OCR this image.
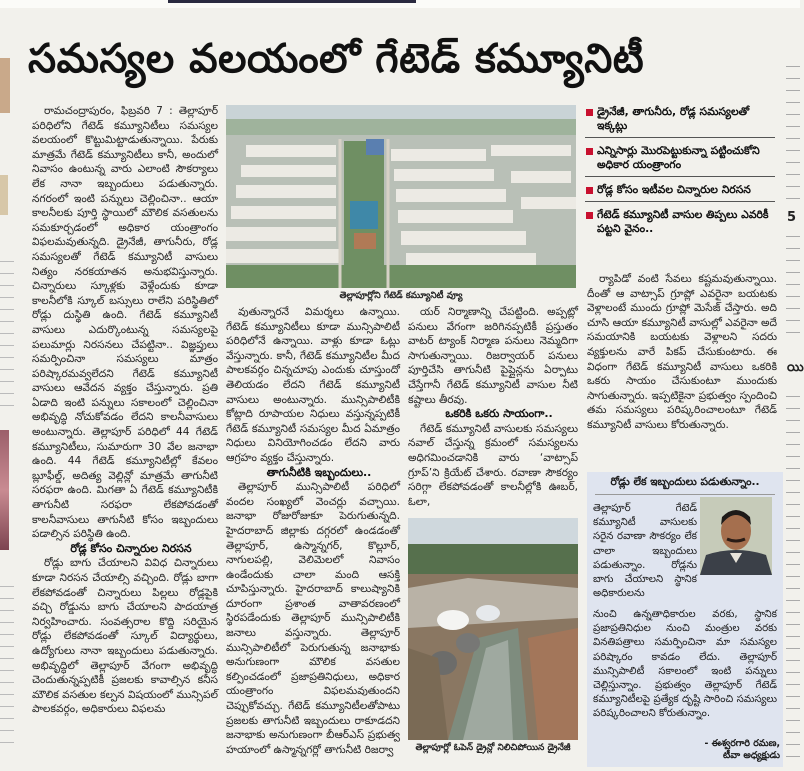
5
యి
సమస్యల వలయంలో గేటెడ్ కమ్యూనిటీ

రామచంద్రాపురం, ఫిబ్రవరి 7 : తెల్లాపూర్ పరిధిలోని గేటెడ్ కమ్యూనిటీలు సమస్యల వలయంలో కొట్టుమిట్టాడుతున్నాయి. పేరుకు మాత్రమే గేటెడ్ కమ్యూనిటీలు కానీ, అందులో నివాసం ఉంటున్న వారు ఎలాంటి సౌకర్యాలు లేక నానా ఇబ్బందులు పడుతున్నారు. నగరంలో ఇంటి పన్నులు చెల్లించినా.. ఆయా కాలనీలకు పూర్తి స్థాయిలో మౌలిక వసతులను సమకూర్చడంలో అధికార యంత్రాంగం విఫలమవుతున్నది. డ్రైనేజీ, తాగునీరు, రోడ్ల సమస్యలతో గేటెడ్ కమ్యూనిటీ వాసులు నిత్యం నరకయాతన అనుభవిస్తున్నారు. చిన్నారులు స్కూళ్లకు వెళ్లేందుకు కూడా కాలనీలోకి స్కూల్ బస్సులు రాలేని పరిస్థితిలో రోడ్లు దుస్థితి ఉంది. గేటెడ్ కమ్యూనిటీ వాసులు ఎదుర్కొంటున్న సమస్యలపై పలుమార్లు నిరసనలు చేపట్టినా.. విజ్ఞప్తులు సమర్పించినా సమస్యలు మాత్రం పరిష్కారమవ్వలేదని గేటెడ్ కమ్యూనిటీ వాసులు ఆవేదన వ్యక్తం చేస్తున్నారు. ప్రతి ఏడాది ఇంటి పన్నులు సకాలంలో చెల్లించినా అభివృద్ధి నోచుకోవడం లేదని కాలనీవాసులు అంటున్నారు. తెల్లాపూర్ పరిధిలో 44 గేటెడ్ కమ్యూనిటీలు, సుమారుగా 30 వేల జనాభా ఉంది. 44 గేటెడ్ కమ్యూనిటీల్లో కేవలం బ్లూఫీల్డ్, అదిత్య వెల్లిన్లో మాత్రమే తాగునీటి సరఫరా ఉంది. మిగతా ఏ గేటెడ్ కమ్యూనిటీకి తాగునీటి సరఫరా లేకపోవడంతో కాలనీవాసులు తాగునీటి కోసం ఇబ్బందులు పడాల్సిన పరిస్థితి ఉంది.

రోడ్ల కోసం చిన్నారుల నిరసన

రోడ్లు బాగు చేయాలని వివిధ చిన్నారులు కూడా నిరసన చేయాల్సి వచ్చింది. రోడ్లు బాగా లేకపోవడంతో చిన్నారులు పిల్లలు రోడ్లపైకి వచ్చి రోడ్డును బాగు చేయాలని పాదయాత్ర నిర్వహించారు. సంవత్సరాల కొద్ది సరియైన రోడ్లు లేకపోవడంతో స్కూల్ విద్యార్థులు, ఉద్యోగులు నానా ఇబ్బందులు పడుతున్నారు. అభివృద్ధిలో తెల్లాపూర్ వేగంగా అభివృద్ధి చెందుతున్నప్పటికీ ప్రజలకు కావాల్సిన కనీస మౌలిక వసతుల కల్పన విషయంలో మున్సిపల్ పాలకవర్గం, అధికారులు విఫలమ

తెల్లాపూర్లోని గేటెడ్ కమ్యూనిటీ వ్యూ

వుతున్నారనే విమర్శలు ఉన్నాయి. గేటెడ్ కమ్యూనిటీలు కూడా మున్సిపాలిటీ పరిధిలోనే ఉన్నాయి. వాళ్లు కూడా ఓట్లు వేస్తున్నారు. కానీ, గేటెడ్ కమ్యూనిటీల మీద పాలకవర్గం చిన్నచూపు ఎందుకు చూస్తుందో తెలియడం లేదని గేటెడ్ కమ్యూనిటీ వాసులు అంటున్నారు. మున్సిపాలిటీకి కోట్లాది రూపాయల నిధులు వస్తున్నప్పటికీ గేటెడ్ కమ్యూనిటీ సమస్యల మీద ఏమాత్రం నిధులు వినియోగించడం లేదని వారు ఆగ్రహం వ్యక్తం చేస్తున్నారు.

తాగునీటికి ఇబ్బందులు..

తెల్లాపూర్ మున్సిపాలిటీ పరిధిలో వందల సంఖ్యలో వెంచర్లు వచ్చాయి. జనాభా రోజురోజుకూ పెరుగుతున్నది. హైదరాబాద్ జిల్లాకు దగ్గరలో ఉండడంతో తెల్లాపూర్, ఉస్మాన్నగర్, కొల్లూర్, నాగులపల్లి, వెలిమెలలో నివాసం ఉండేందుకు చాలా మంది ఆసక్తి చూపిస్తున్నారు. హైదరాబాద్ కాలుష్యానికి దూరంగా ప్రశాంత వాతావరణంలో స్థిరపడేందుకు తెల్లాపూర్ మున్సిపాలిటీకి జనాలు వస్తున్నారు. తెల్లాపూర్ మున్సిపాలిటీలో పెరుగుతున్న జనాభాకు అనుగుణంగా మౌలిక వసతుల కల్పించడంలో ప్రజాప్రతినిధులు, అధికార యంత్రాంగం విఫలమవుతుందని చెప్పుకోవచ్చు. గేటెడ్ కమ్యూనిటీలతోపాటు ప్రజలకు తాగునీటి ఇబ్బందులు రాకూడదని జనాభాకు అనుగుణంగా బీఆర్ఎస్ ప్రభుత్వ హయాంలో ఉస్మాన్నగర్లో తాగునీటి రిజర్వా

యర్ నిర్మాణాన్ని చేపట్టింది. అప్పట్లో పనులు వేగంగా జరిగినప్పటికీ ప్రస్తుతం వాటర్ ట్యాంక్ నిర్మాణ పనులు నెమ్మదిగా సాగుతున్నాయి. రిజర్వాయర్ పనులు పూర్తిచేసి తాగునీటి పైప్లైన్లను ఏర్పాటు చేస్తేగానీ గేటెడ్ కమ్యూనిటీ వాసుల నీటి కష్టాలు తీరవు.

ఒకరికి ఒకరు సాయంగా..

గేటెడ్ కమ్యూనిటీ వాసులకు సమస్యలు నవాల్ చేస్తున్న క్రమంలో సమస్యలను అధిగమించడానికి వారు ‘వాట్సాప్ గ్రూప్’ని క్రియేట్ చేశారు. రవాణా సౌకర్యం సరిగ్గా లేకపోవడంతో కాలనీల్లోకి ఊబర్, ఓలా,

తెల్లాపూర్లో ఓపెన్ డ్రైన్లో నిలిచిపోయిన డ్రైనేజీ
డ్రైనేజీ, తాగునీరు, రోడ్ల సమస్యలతో ఇక్కట్లు
ఎన్నిసార్లు మొరపెట్టుకున్నా పట్టించుకోని అధికార యంత్రాంగం
రోడ్ల కోసం ఇటీవల చిన్నారుల నిరసన
గేటెడ్ కమ్యూనిటీ వాసుల తిప్పలు ఎవరికీ పట్టని వైనం..

ర్యాపిడో వంటి సేవలు కష్టమవుతున్నాయి. దీంతో ఆ వాట్సాప్ గ్రూప్లో ఎవరైనా బయటకు వెళ్లాలంటే ముందు గ్రూప్లో మెసేజ్ చేస్తారు. అది చూసి ఆయా కమ్యూనిటీ వాసుల్లో ఎవరైనా అదే సమయానికి బయటకు వెళ్లాలని సదరు వ్యక్తులను వారే పికప్ చేసుకుంటారు. ఈ విధంగా గేటెడ్ కమ్యూనిటీ వాసులు ఒకరికి ఒకరు సాయం చేసుకుంటూ ముందుకు సాగుతున్నారు. ఇప్పటికైనా ప్రభుత్వం స్పందించి తమ సమస్యలు పరిష్కరించాలంటూ గేటెడ్ కమ్యూనిటీ వాసులు కోరుతున్నారు.

రోడ్లు లేక ఇబ్బందులు పడుతున్నాం..
తెల్లాపూర్ గేటెడ్ కమ్యూనిటీ వాసులకు సరైన రవాణా సౌకర్యం లేక చాలా ఇబ్బందులు పడుతున్నాం. రోడ్లను బాగు చేయాలని స్థానిక అధికారులను
నుంచి ఉన్నతాధికారుల వరకు, స్థానిక ప్రజాప్రతినిధుల నుంచి మంత్రుల వరకు వినతిపత్రాలు సమర్పించినా మా సమస్యల పరిష్కారం కావడం లేదు. తెల్లాపూర్ మున్సిపాలిటీ సకాలంలో ఇంటి పన్నులు చెల్లిస్తున్నాం. ప్రభుత్వం తెల్లాపూర్ గేటెడ్ కమ్యూనిటీలపై ప్రత్యేక దృష్టి సారించి సమస్యలు పరిష్కరించాలని కోరుతున్నాం.
- ఈశ్వరగారి రమణ,
టీవా అధ్యక్షుడు
